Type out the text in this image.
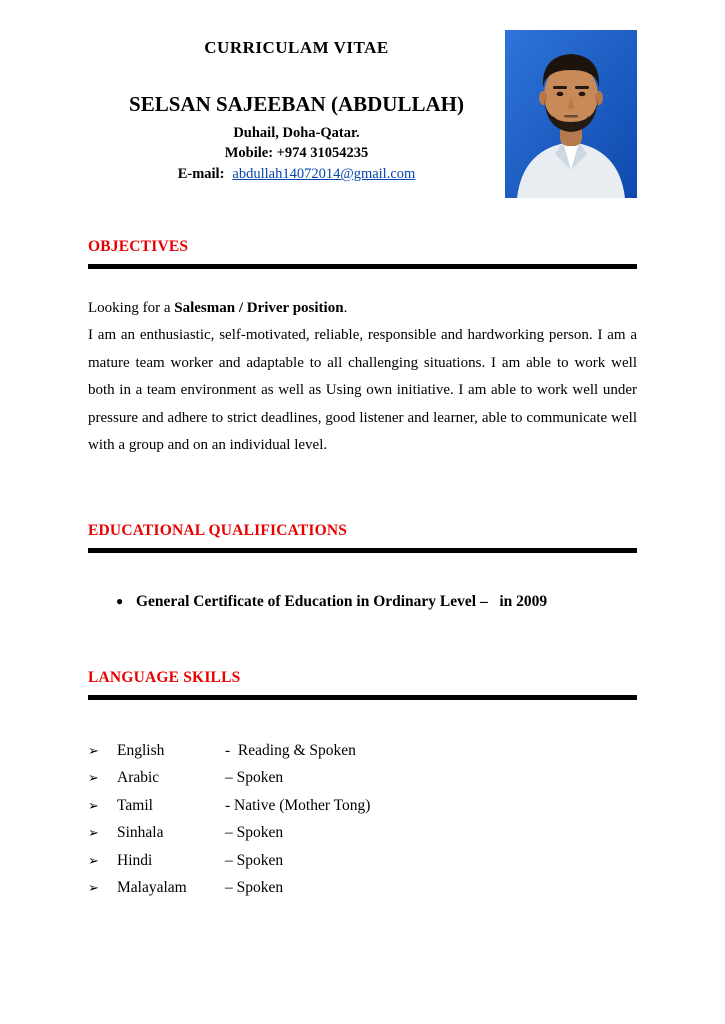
CURRICULAM VITAE
SELSAN SAJEEBAN (ABDULLAH)
Duhail, Doha-Qatar.
Mobile: +974 31054235
E-mail: abdullah14072014@gmail.com
OBJECTIVES

Looking for a Salesman / Driver position.

I am an enthusiastic, self-motivated, reliable, responsible and hardworking person. I am a mature team worker and adaptable to all challenging situations. I am able to work well both in a team environment as well as Using own initiative. I am able to work well under pressure and adhere to strict deadlines, good listener and learner, able to communicate well with a group and on an individual level.

EDUCATIONAL QUALIFICATIONS
● General Certificate of Education in Ordinary Level –   in 2009
LANGUAGE SKILLS
➢	English	-  Reading & Spoken
➢	Arabic	– Spoken
➢	Tamil	- Native (Mother Tong)
➢	Sinhala	– Spoken
➢	Hindi	– Spoken
➢	Malayalam	– Spoken
